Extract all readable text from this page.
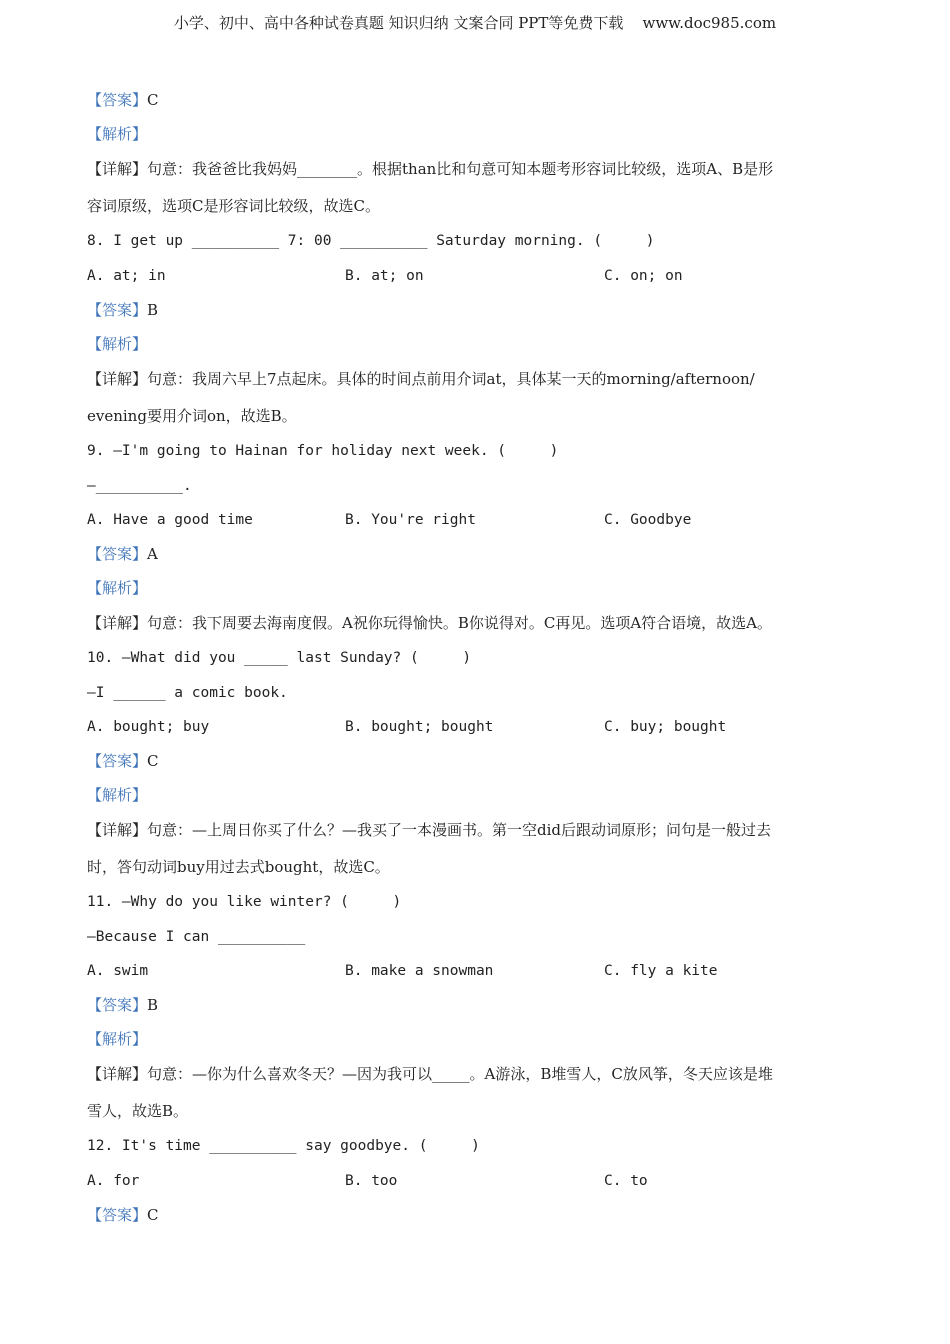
小学、初中、高中各种试卷真题 知识归纳 文案合同 PPT等免费下载    www.doc985.com
【答案】C
【解析】
【详解】句意：我爸爸比我妈妈________。根据than比和句意可知本题考形容词比较级，选项A、B是形
容词原级，选项C是形容词比较级，故选C。
8. I get up __________ 7: 00 __________ Saturday morning. (     )
A. at; in	B. at; on	C. on; on
【答案】B
【解析】
【详解】句意：我周六早上7点起床。具体的时间点前用介词at，具体某一天的morning/afternoon/
evening要用介词on，故选B。
9. —I'm going to Hainan for holiday next week. (     )
—__________.
A. Have a good time	B. You're right	C. Goodbye
【答案】A
【解析】
【详解】句意：我下周要去海南度假。A祝你玩得愉快。B你说得对。C再见。选项A符合语境，故选A。
10. —What did you _____ last Sunday? (     )
—I ______ a comic book.
A. bought; buy	B. bought; bought	C. buy; bought
【答案】C
【解析】
【详解】句意：—上周日你买了什么？—我买了一本漫画书。第一空did后跟动词原形；问句是一般过去
时，答句动词buy用过去式bought，故选C。
11. —Why do you like winter? (     )
—Because I can __________
A. swim	B. make a snowman	C. fly a kite
【答案】B
【解析】
【详解】句意：—你为什么喜欢冬天？—因为我可以_____。A游泳，B堆雪人，C放风筝，冬天应该是堆
雪人，故选B。
12. It's time __________ say goodbye. (     )
A. for	B. too	C. to
【答案】C
